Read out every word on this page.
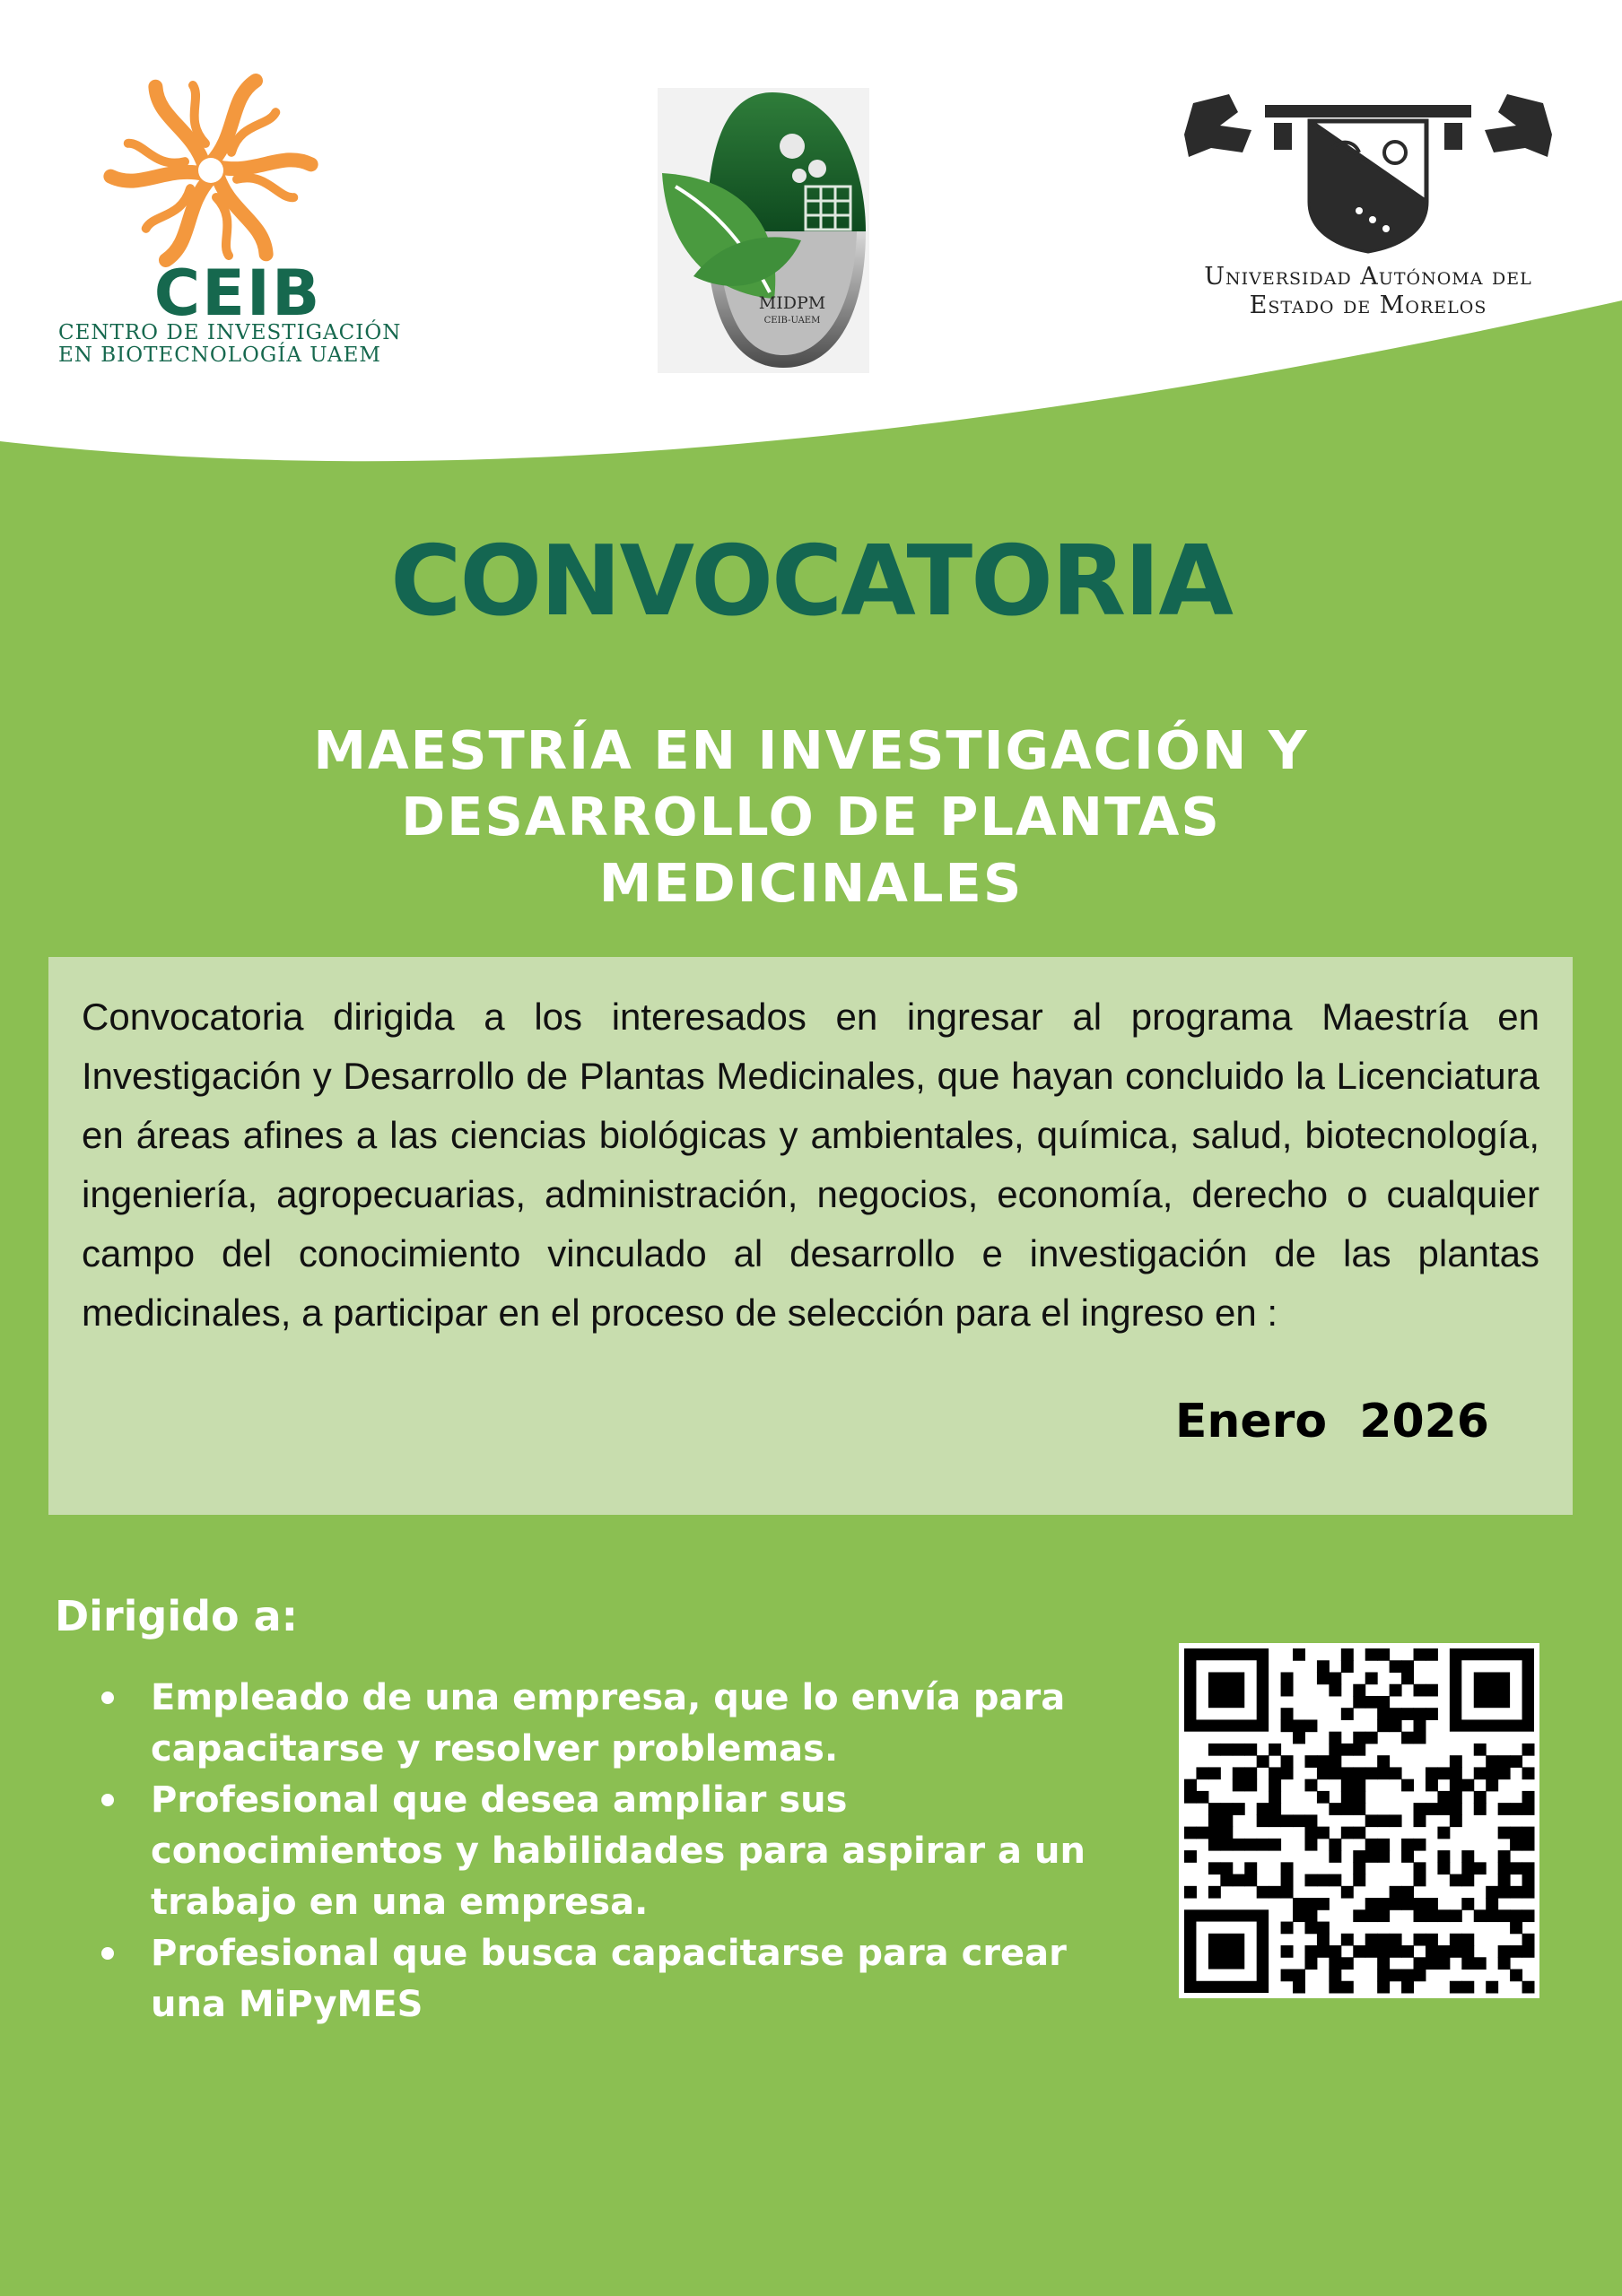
CEIB
CENTRO DE INVESTIGACIÓN
EN BIOTECNOLOGÍA UAEM
MIDPM
CEIB-UAEM
Universidad Autónoma del
Estado de Morelos
CONVOCATORIA
MAESTRÍA EN INVESTIGACIÓN Y DESARROLLO DE PLANTAS MEDICINALES

Convocatoria dirigida a los interesados en ingresar al programa Maestría en Investigación y Desarrollo de Plantas Medicinales, que hayan concluido la Licenciatura en áreas afines a las ciencias biológicas y ambientales, química, salud, biotecnología, ingeniería, agropecuarias, administración, negocios, economía, derecho o cualquier campo del conocimiento vinculado al desarrollo e investigación de las plantas medicinales, a participar en el proceso de selección para el ingreso en :

Enero  2026
Dirigido a:
Empleado de una empresa, que lo envía para capacitarse y resolver problemas.
Profesional que desea ampliar sus conocimientos y habilidades para aspirar a un trabajo en una empresa.
Profesional que busca capacitarse para crear una MiPyMES
